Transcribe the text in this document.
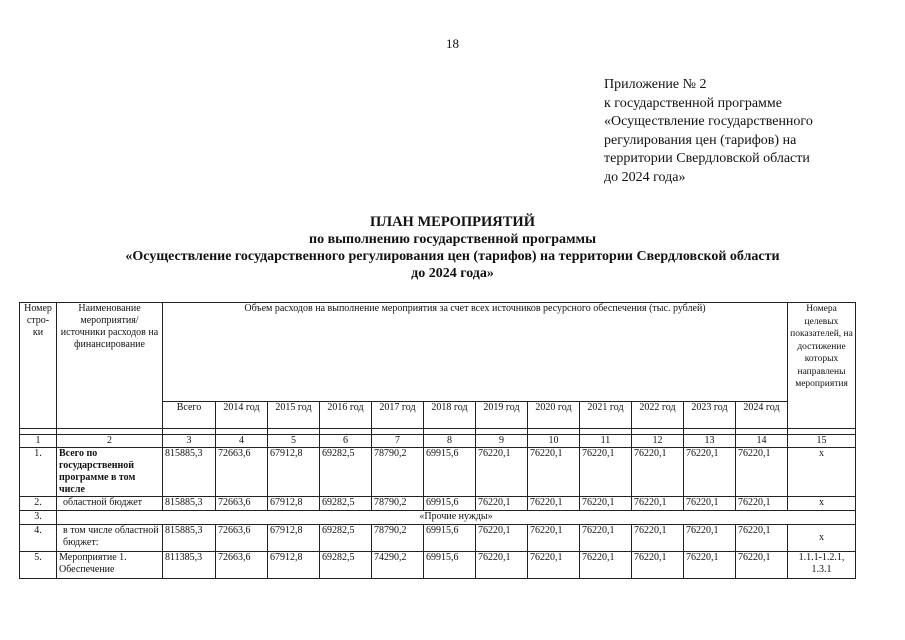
18
Приложение № 2
к государственной программе
«Осуществление государственного
регулирования цен (тарифов) на
территории Свердловской области
до 2024 года»
ПЛАН МЕРОПРИЯТИЙ
по выполнению государственной программы
«Осуществление государственного регулирования цен (тарифов) на территории Свердловской области
до 2024 года»
Номер стро-ки	Наименование мероприятия/ источники расходов на финансирование	Объем расходов на выполнение мероприятия за счет всех источников ресурсного обеспечения (тыс. рублей)												Номера целевых показателей, на достижение которых направлены мероприятия
		Всего	2014 год	2015 год	2016 год	2017 год	2018 год	2019 год	2020 год	2021 год	2022 год	2023 год	2024 год	

1	2	3	4	5	6	7	8	9	10	11	12	13	14	15
1.	Всего по государственной программе в том числе	815885,3	72663,6	67912,8	69282,5	78790,2	69915,6	76220,1	76220,1	76220,1	76220,1	76220,1	76220,1	x
2.	областной бюджет	815885,3	72663,6	67912,8	69282,5	78790,2	69915,6	76220,1	76220,1	76220,1	76220,1	76220,1	76220,1	x
3.	«Прочие нужды»													
4.	в том числе областной бюджет:	815885,3	72663,6	67912,8	69282,5	78790,2	69915,6	76220,1	76220,1	76220,1	76220,1	76220,1	76220,1	x
5.	Мероприятие 1. Обеспечение	811385,3	72663,6	67912,8	69282,5	74290,2	69915,6	76220,1	76220,1	76220,1	76220,1	76220,1	76220,1	1.1.1-1.2.1, 1.3.1
